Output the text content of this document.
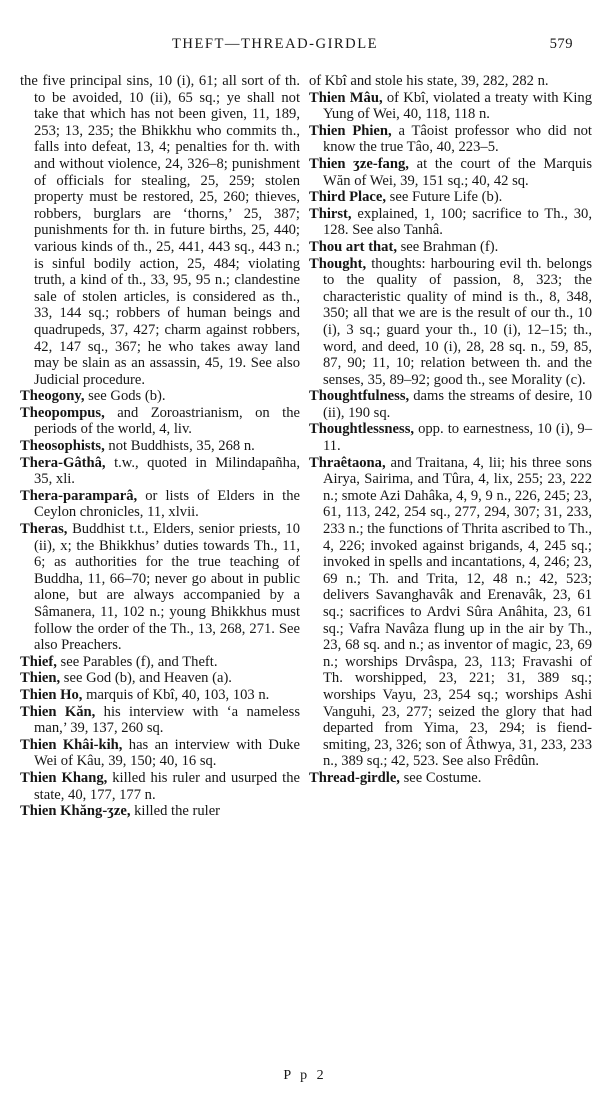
THEFT—THREAD-GIRDLE	579

the five principal sins, 10 (i), 61; all sort of th. to be avoided, 10 (ii), 65 sq.; ye shall not take that which has not been given, 11, 189, 253; 13, 235; the Bhikkhu who commits th., falls into defeat, 13, 4; penalties for th. with and without violence, 24, 326–8; punishment of officials for stealing, 25, 259; stolen property must be restored, 25, 260; thieves, robbers, burglars are ‘thorns,’ 25, 387; punishments for th. in future births, 25, 440; various kinds of th., 25, 441, 443 sq., 443 n.; is sinful bodily action, 25, 484; violating truth, a kind of th., 33, 95, 95 n.; clandestine sale of stolen articles, is considered as th., 33, 144 sq.; robbers of human beings and quadrupeds, 37, 427; charm against robbers, 42, 147 sq., 367; he who takes away land may be slain as an assassin, 45, 19. See also Judicial procedure.

Theogony, see Gods (b).

Theopompus, and Zoroastrianism, on the periods of the world, 4, liv.

Theosophists, not Buddhists, 35, 268 n.

Thera-Gâthâ, t.w., quoted in Milindapañha, 35, xli.

Thera-paramparâ, or lists of Elders in the Ceylon chronicles, 11, xlvii.

Theras, Buddhist t.t., Elders, senior priests, 10 (ii), x; the Bhikkhus’ duties towards Th., 11, 6; as authorities for the true teaching of Buddha, 11, 66–70; never go about in public alone, but are always accompanied by a Sâmanera, 11, 102 n.; young Bhikkhus must follow the order of the Th., 13, 268, 271. See also Preachers.

Thief, see Parables (f), and Theft.

Thien, see God (b), and Heaven (a).

Thien Ho, marquis of Kbî, 40, 103, 103 n.

Thien Kăn, his interview with ‘a nameless man,’ 39, 137, 260 sq.

Thien Khâi-kih, has an interview with Duke Wei of Kâu, 39, 150; 40, 16 sq.

Thien Khang, killed his ruler and usurped the state, 40, 177, 177 n.

Thien Khăng-ʒze, killed the ruler

of Kbî and stole his state, 39, 282, 282 n.

Thien Mâu, of Kbî, violated a treaty with King Yung of Wei, 40, 118, 118 n.

Thien Phien, a Tâoist professor who did not know the true Tâo, 40, 223–5.

Thien ʒze-fang, at the court of the Marquis Wăn of Wei, 39, 151 sq.; 40, 42 sq.

Third Place, see Future Life (b).

Thirst, explained, 1, 100; sacrifice to Th., 30, 128. See also Tanhâ.

Thou art that, see Brahman (f).

Thought, thoughts: harbouring evil th. belongs to the quality of passion, 8, 323; the characteristic quality of mind is th., 8, 348, 350; all that we are is the result of our th., 10 (i), 3 sq.; guard your th., 10 (i), 12–15; th., word, and deed, 10 (i), 28, 28 sq. n., 59, 85, 87, 90; 11, 10; relation between th. and the senses, 35, 89–92; good th., see Morality (c).

Thoughtfulness, dams the streams of desire, 10 (ii), 190 sq.

Thoughtlessness, opp. to earnestness, 10 (i), 9–11.

Thraêtaona, and Traitana, 4, lii; his three sons Airya, Sairima, and Tûra, 4, lix, 255; 23, 222 n.; smote Azi Dahâka, 4, 9, 9 n., 226, 245; 23, 61, 113, 242, 254 sq., 277, 294, 307; 31, 233, 233 n.; the functions of Thrita ascribed to Th., 4, 226; invoked against brigands, 4, 245 sq.; invoked in spells and incantations, 4, 246; 23, 69 n.; Th. and Trita, 12, 48 n.; 42, 523; delivers Savanghavâk and Erenavâk, 23, 61 sq.; sacrifices to Ardvi Sûra Anâhita, 23, 61 sq.; Vafra Navâza flung up in the air by Th., 23, 68 sq. and n.; as inventor of magic, 23, 69 n.; worships Drvâspa, 23, 113; Fravashi of Th. worshipped, 23, 221; 31, 389 sq.; worships Vayu, 23, 254 sq.; worships Ashi Vanguhi, 23, 277; seized the glory that had departed from Yima, 23, 294; is fiend-smiting, 23, 326; son of Âthwya, 31, 233, 233 n., 389 sq.; 42, 523. See also Frêdûn.

Thread-girdle, see Costume.

P p 2
